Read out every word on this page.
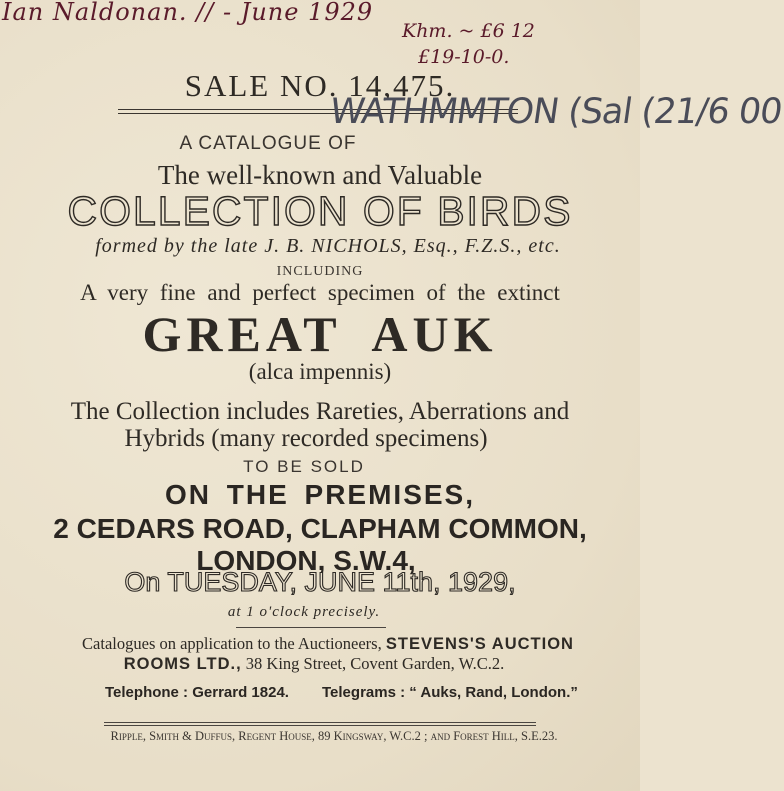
Ian Naldonan. // - June 1929
Khm. ~ £6 12
£19-10-0.
SALE NO. 14,475.
WATHMMTON (Sal (21/6 00
A CATALOGUE OF
The well-known and Valuable
COLLECTION OF BIRDS
formed by the late J. B. NICHOLS, Esq., F.Z.S., etc.
INCLUDING
A very fine and perfect specimen of the extinct
GREAT AUK
(alca impennis)
The Collection includes Rareties, Aberrations and
Hybrids (many recorded specimens)
TO BE SOLD
ON THE PREMISES,
2 CEDARS ROAD, CLAPHAM COMMON,
LONDON, S.W.4,
On TUESDAY, JUNE 11th, 1929,
at 1 o'clock precisely.
Catalogues on application to the Auctioneers, STEVENS'S AUCTION
ROOMS LTD., 38 King Street, Covent Garden, W.C.2.
Telephone : Gerrard 1824. Telegrams : “ Auks, Rand, London.”
Ripple, Smith & Duffus, Regent House, 89 Kingsway, W.C.2 ; and Forest Hill, S.E.23.
